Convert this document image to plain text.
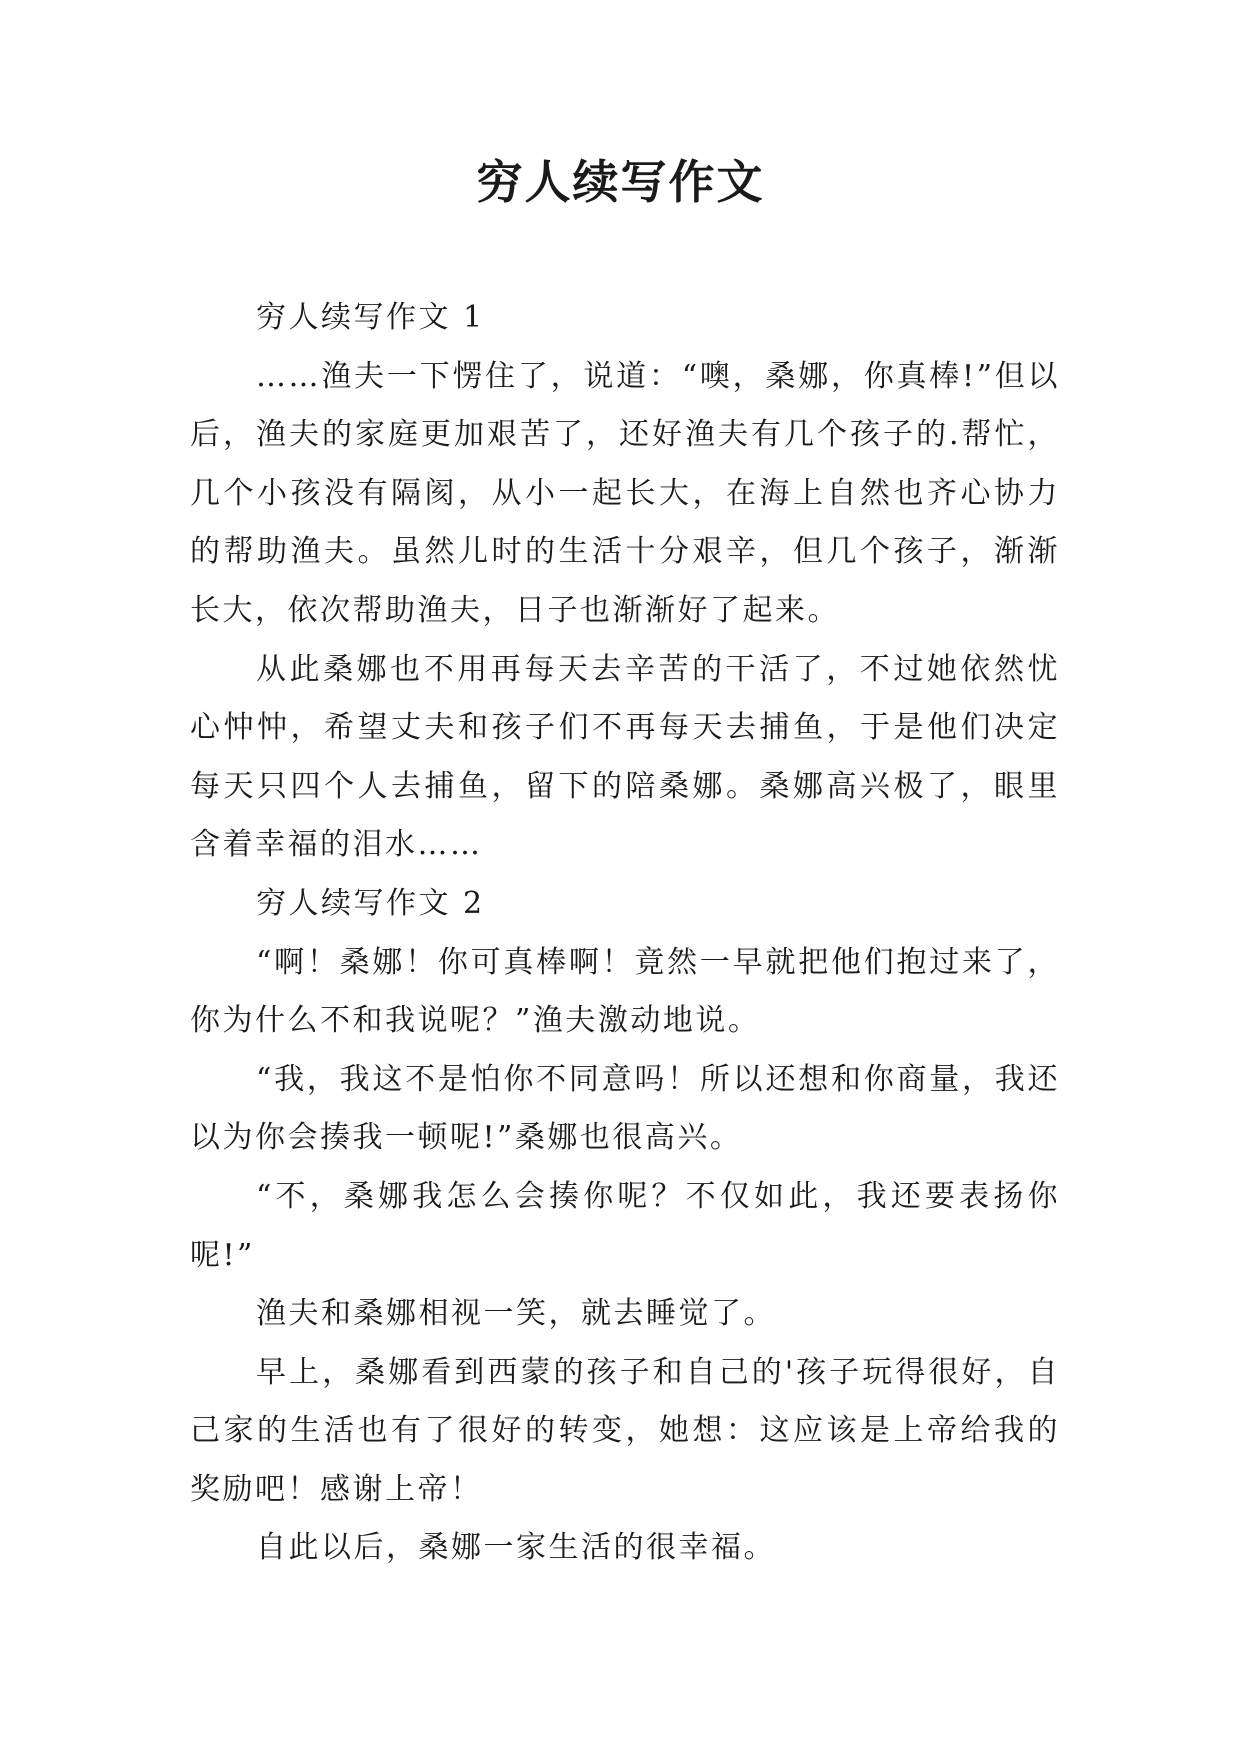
穷人续写作文

穷人续写作文 1

……渔夫一下愣住了，说道：“噢，桑娜，你真棒!”但以后，渔夫的家庭更加艰苦了，还好渔夫有几个孩子的.帮忙，几个小孩没有隔阂，从小一起长大，在海上自然也齐心协力的帮助渔夫。虽然儿时的生活十分艰辛，但几个孩子，渐渐长大，依次帮助渔夫，日子也渐渐好了起来。

从此桑娜也不用再每天去辛苦的干活了，不过她依然忧心忡忡，希望丈夫和孩子们不再每天去捕鱼，于是他们决定每天只四个人去捕鱼，留下的陪桑娜。桑娜高兴极了，眼里含着幸福的泪水……

穷人续写作文 2

“啊！桑娜！你可真棒啊！竟然一早就把他们抱过来了，你为什么不和我说呢？”渔夫激动地说。

“我，我这不是怕你不同意吗！所以还想和你商量，我还以为你会揍我一顿呢!”桑娜也很高兴。

“不，桑娜我怎么会揍你呢？不仅如此，我还要表扬你呢!”

渔夫和桑娜相视一笑，就去睡觉了。

早上，桑娜看到西蒙的孩子和自己的'孩子玩得很好，自己家的生活也有了很好的转变，她想：这应该是上帝给我的奖励吧！感谢上帝！

自此以后，桑娜一家生活的很幸福。
